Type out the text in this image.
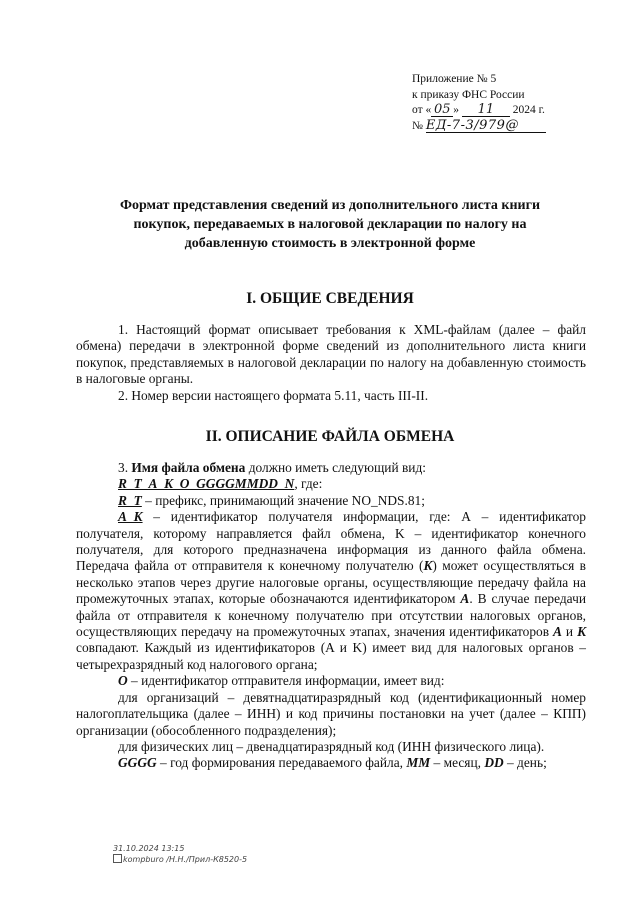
Приложение № 5
к приказу ФНС России
от « 05 » 11 2024 г.
№ ЕД-7-3/979@
Формат представления сведений из дополнительного листа книги покупок, передаваемых в налоговой декларации по налогу на добавленную стоимость в электронной форме
I. ОБЩИЕ СВЕДЕНИЯ

1. Настоящий формат описывает требования к XML-файлам (далее – файл обмена) передачи в электронной форме сведений из дополнительного листа книги покупок, представляемых в налоговой декларации по налогу на добавленную стоимость в налоговые органы.

2. Номер версии настоящего формата 5.11, часть III-II.

II. ОПИСАНИЕ ФАЙЛА ОБМЕНА

3. Имя файла обмена должно иметь следующий вид:

R_T_A_K_O_GGGGMMDD_N, где:

R_T – префикс, принимающий значение NO_NDS.81;

A_K – идентификатор получателя информации, где: А – идентификатор получателя, которому направляется файл обмена, K – идентификатор конечного получателя, для которого предназначена информация из данного файла обмена. Передача файла от отправителя к конечному получателю (K) может осуществляться в несколько этапов через другие налоговые органы, осуществляющие передачу файла на промежуточных этапах, которые обозначаются идентификатором А. В случае передачи файла от отправителя к конечному получателю при отсутствии налоговых органов, осуществляющих передачу на промежуточных этапах, значения идентификаторов А и K совпадают. Каждый из идентификаторов (A и K) имеет вид для налоговых органов – четырехразрядный код налогового органа;

O – идентификатор отправителя информации, имеет вид:

для организаций – девятнадцатиразрядный код (идентификационный номер налогоплательщика (далее – ИНН) и код причины постановки на учет (далее – КПП) организации (обособленного подразделения);

для физических лиц – двенадцатиразрядный код (ИНН физического лица).

GGGG – год формирования передаваемого файла, MM – месяц, DD – день;

31.10.2024 13:15
kompburo /Н.Н./Прил-К8520-5
